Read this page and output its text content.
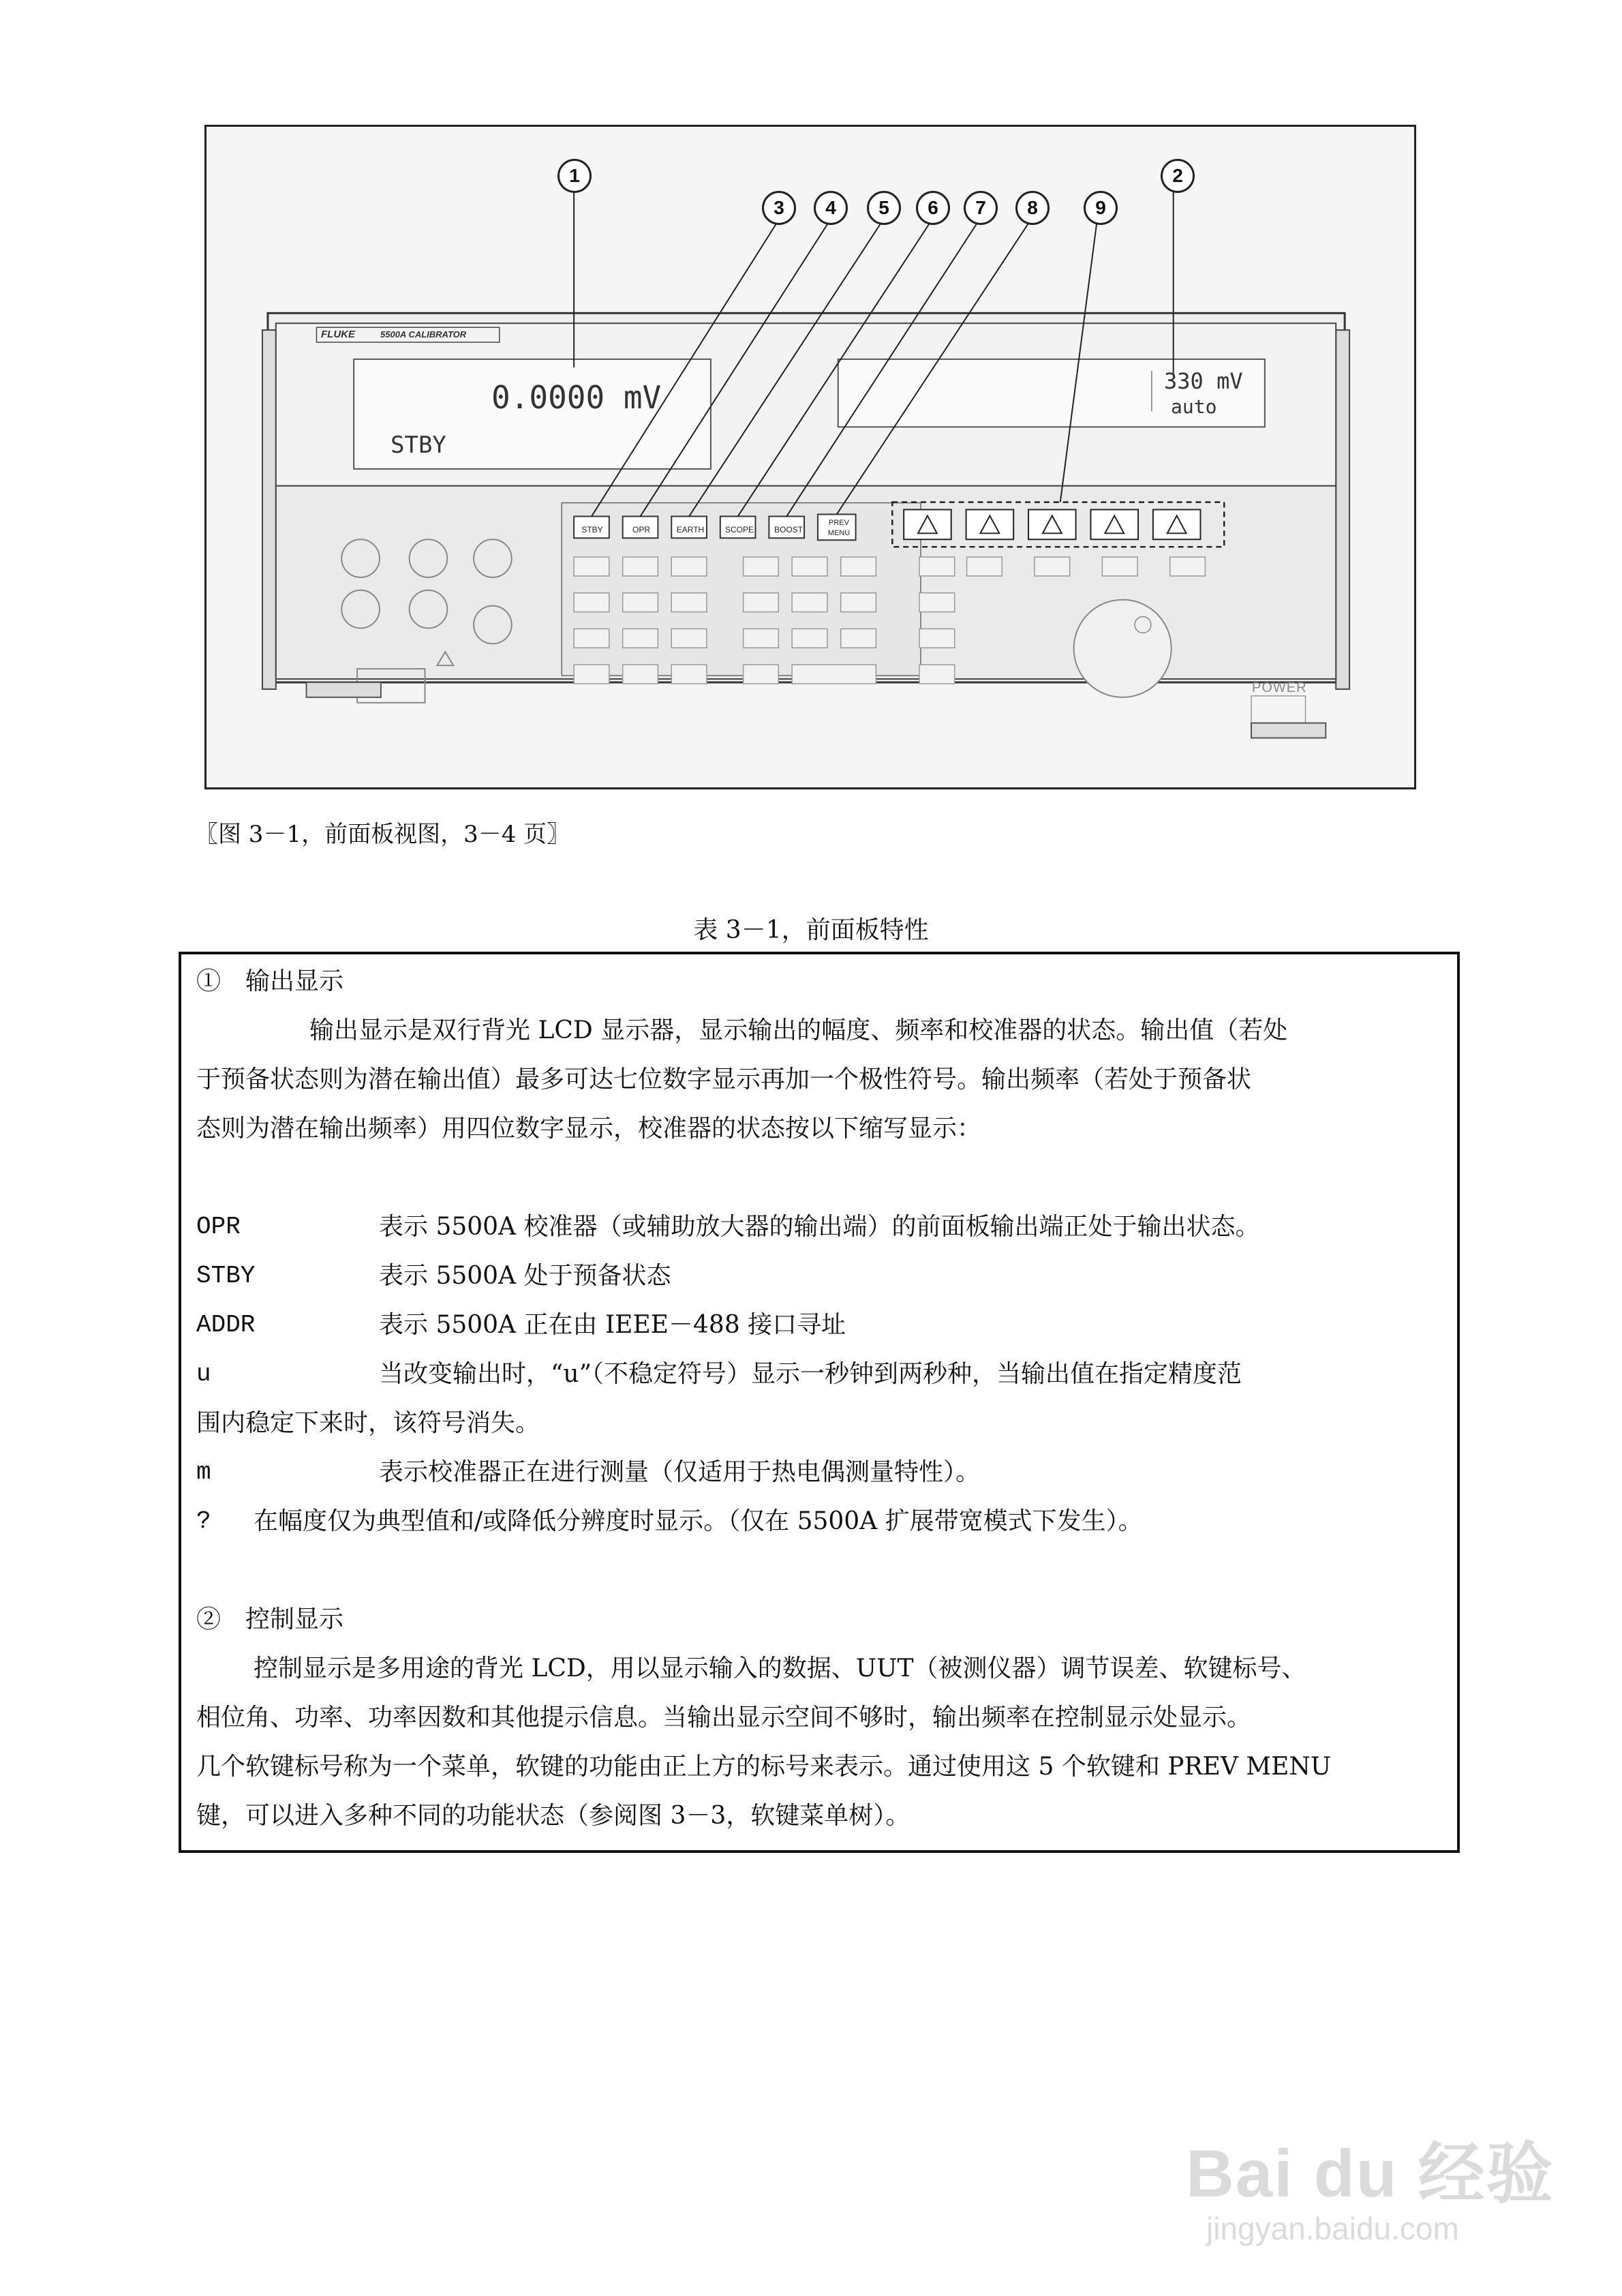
FLUKE	5500A CALIBRATOR
0.0000 mV
STBY
330 mV
auto
STBY	OPR	EARTH	SCOPE	BOOST
PREV MENU
POWER
1	2
3	4	5	6	7	8	9
〖图 3－1，前面板视图，3－4 页〗
表 3－1，前面板特性
①　输出显示
输出显示是双行背光 LCD 显示器，显示输出的幅度、频率和校准器的状态。输出值（若处
于预备状态则为潜在输出值）最多可达七位数字显示再加一个极性符号。输出频率（若处于预备状
态则为潜在输出频率）用四位数字显示，校准器的状态按以下缩写显示：
OPR	表示 5500A 校准器（或辅助放大器的输出端）的前面板输出端正处于输出状态。
STBY	表示 5500A 处于预备状态
ADDR	表示 5500A 正在由 IEEE－488 接口寻址
u	当改变输出时，“u”（不稳定符号）显示一秒钟到两秒种，当输出值在指定精度范
围内稳定下来时，该符号消失。
m	表示校准器正在进行测量（仅适用于热电偶测量特性）。
? 在幅度仅为典型值和/或降低分辨度时显示。（仅在 5500A 扩展带宽模式下发生）。
②　控制显示
控制显示是多用途的背光 LCD，用以显示输入的数据、UUT（被测仪器）调节误差、软键标号、
相位角、功率、功率因数和其他提示信息。当输出显示空间不够时，输出频率在控制显示处显示。
几个软键标号称为一个菜单，软键的功能由正上方的标号来表示。通过使用这 5 个软键和 PREV MENU
键，可以进入多种不同的功能状态（参阅图 3－3，软键菜单树）。
Bai du 经验
jingyan.baidu.com
